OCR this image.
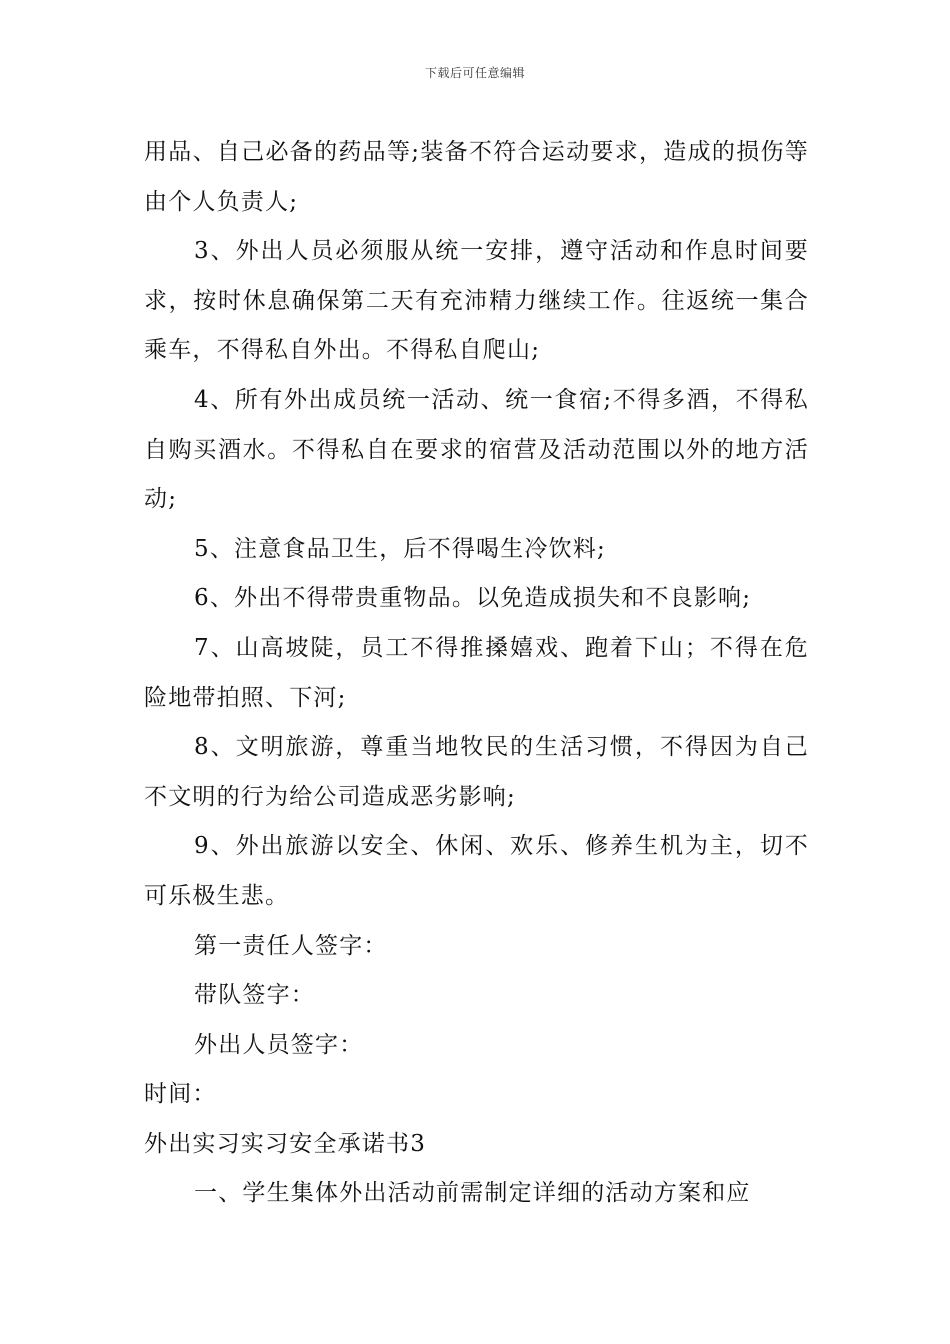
下载后可任意编辑

用品、自己必备的药品等;装备不符合运动要求，造成的损伤等由个人负责人;

3、外出人员必须服从统一安排，遵守活动和作息时间要求，按时休息确保第二天有充沛精力继续工作。往返统一集合乘车，不得私自外出。不得私自爬山;

4、所有外出成员统一活动、统一食宿;不得多酒，不得私自购买酒水。不得私自在要求的宿营及活动范围以外的地方活动;

5、注意食品卫生，后不得喝生冷饮料;

6、外出不得带贵重物品。以免造成损失和不良影响;

7、山高坡陡，员工不得推搡嬉戏、跑着下山；不得在危险地带拍照、下河;

8、文明旅游，尊重当地牧民的生活习惯，不得因为自己不文明的行为给公司造成恶劣影响;

9、外出旅游以安全、休闲、欢乐、修养生机为主，切不可乐极生悲。

第一责任人签字：

带队签字：

外出人员签字：

时间：

外出实习实习安全承诺书3

一、学生集体外出活动前需制定详细的活动方案和应
